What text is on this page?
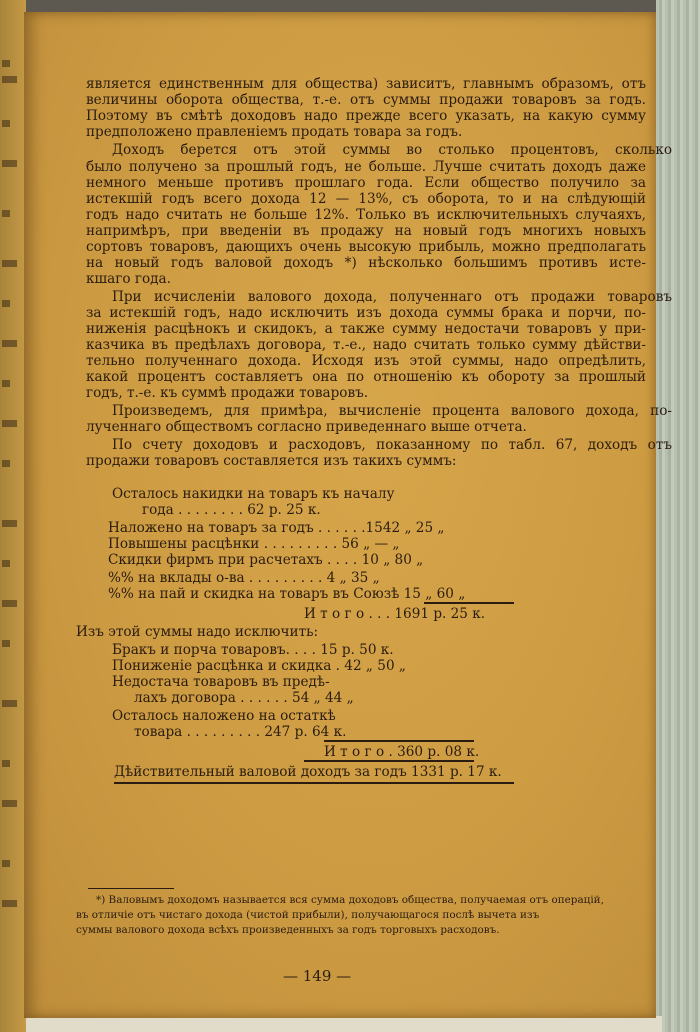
является единственным для общества) зависитъ, главнымъ образомъ, отъ
величины оборота общества, т.-е. отъ суммы продажи товаровъ за годъ.
Поэтому въ смѣтѣ доходовъ надо прежде всего указать, на какую сумму
предположено правленіемъ продать товара за годъ.
Доходъ берется отъ этой суммы во столько процентовъ, сколько
было получено за прошлый годъ, не больше. Лучше считать доходъ даже
немного меньше противъ прошлаго года. Если общество получило за
истекшій годъ всего дохода 12 — 13%, съ оборота, то и на слѣдующій
годъ надо считать не больше 12%. Только въ исключительныхъ случаяхъ,
напримѣръ, при введеніи въ продажу на новый годъ многихъ новыхъ
сортовъ товаровъ, дающихъ очень высокую прибыль, можно предполагать
на новый годъ валовой доходъ *) нѣсколько большимъ противъ исте-
кшаго года.
При исчисленіи валового дохода, полученнаго отъ продажи товаровъ
за истекшій годъ, надо исключить изъ дохода суммы брака и порчи, по-
ниженія расцѣнокъ и скидокъ, а также сумму недостачи товаровъ у при-
казчика въ предѣлахъ договора, т.-е., надо считать только сумму дѣйстви-
тельно полученнаго дохода. Исходя изъ этой суммы, надо опредѣлить,
какой процентъ составляетъ она по отношенію къ обороту за прошлый
годъ, т.-е. къ суммѣ продажи товаровъ.
Произведемъ, для примѣра, вычисленіе процента валового дохода, по-
лученнаго обществомъ согласно приведеннаго выше отчета.
По счету доходовъ и расходовъ, показанному по табл. 67, доходъ отъ
продажи товаровъ составляется изъ такихъ суммъ:
Осталось накидки на товаръ къ началу
года . . . . . . . . 62 р. 25 к.
Наложено на товаръ за годъ . . . . . .1542 „ 25 „
Повышены расцѣнки . . . . . . . . . 56 „ — „
Скидки фирмъ при расчетахъ . . . . 10 „ 80 „
%% на вклады о-ва . . . . . . . . . 4 „ 35 „
%% на пай и скидка на товаръ въ Союзѣ 15 „ 60 „
И т о г о . . . 1691 р. 25 к.
Изъ этой суммы надо исключить:
Бракъ и порча товаровъ. . . . 15 р. 50 к.
Пониженіе расцѣнка и скидка . 42 „ 50 „
Недостача товаровъ въ предѣ-
лахъ договора . . . . . . 54 „ 44 „
Осталось наложено на остаткѣ
товара . . . . . . . . . 247 р. 64 к.
И т о г о . 360 р. 08 к.
Дѣйствительный валовой доходъ за годъ 1331 р. 17 к.
*) Валовымъ доходомъ называется вся сумма доходовъ общества, получаемая отъ операцій,
въ отличіе отъ чистаго дохода (чистой прибыли), получающагося послѣ вычета изъ
суммы валового дохода всѣхъ произведенныхъ за годъ торговыхъ расходовъ.
— 149 —
